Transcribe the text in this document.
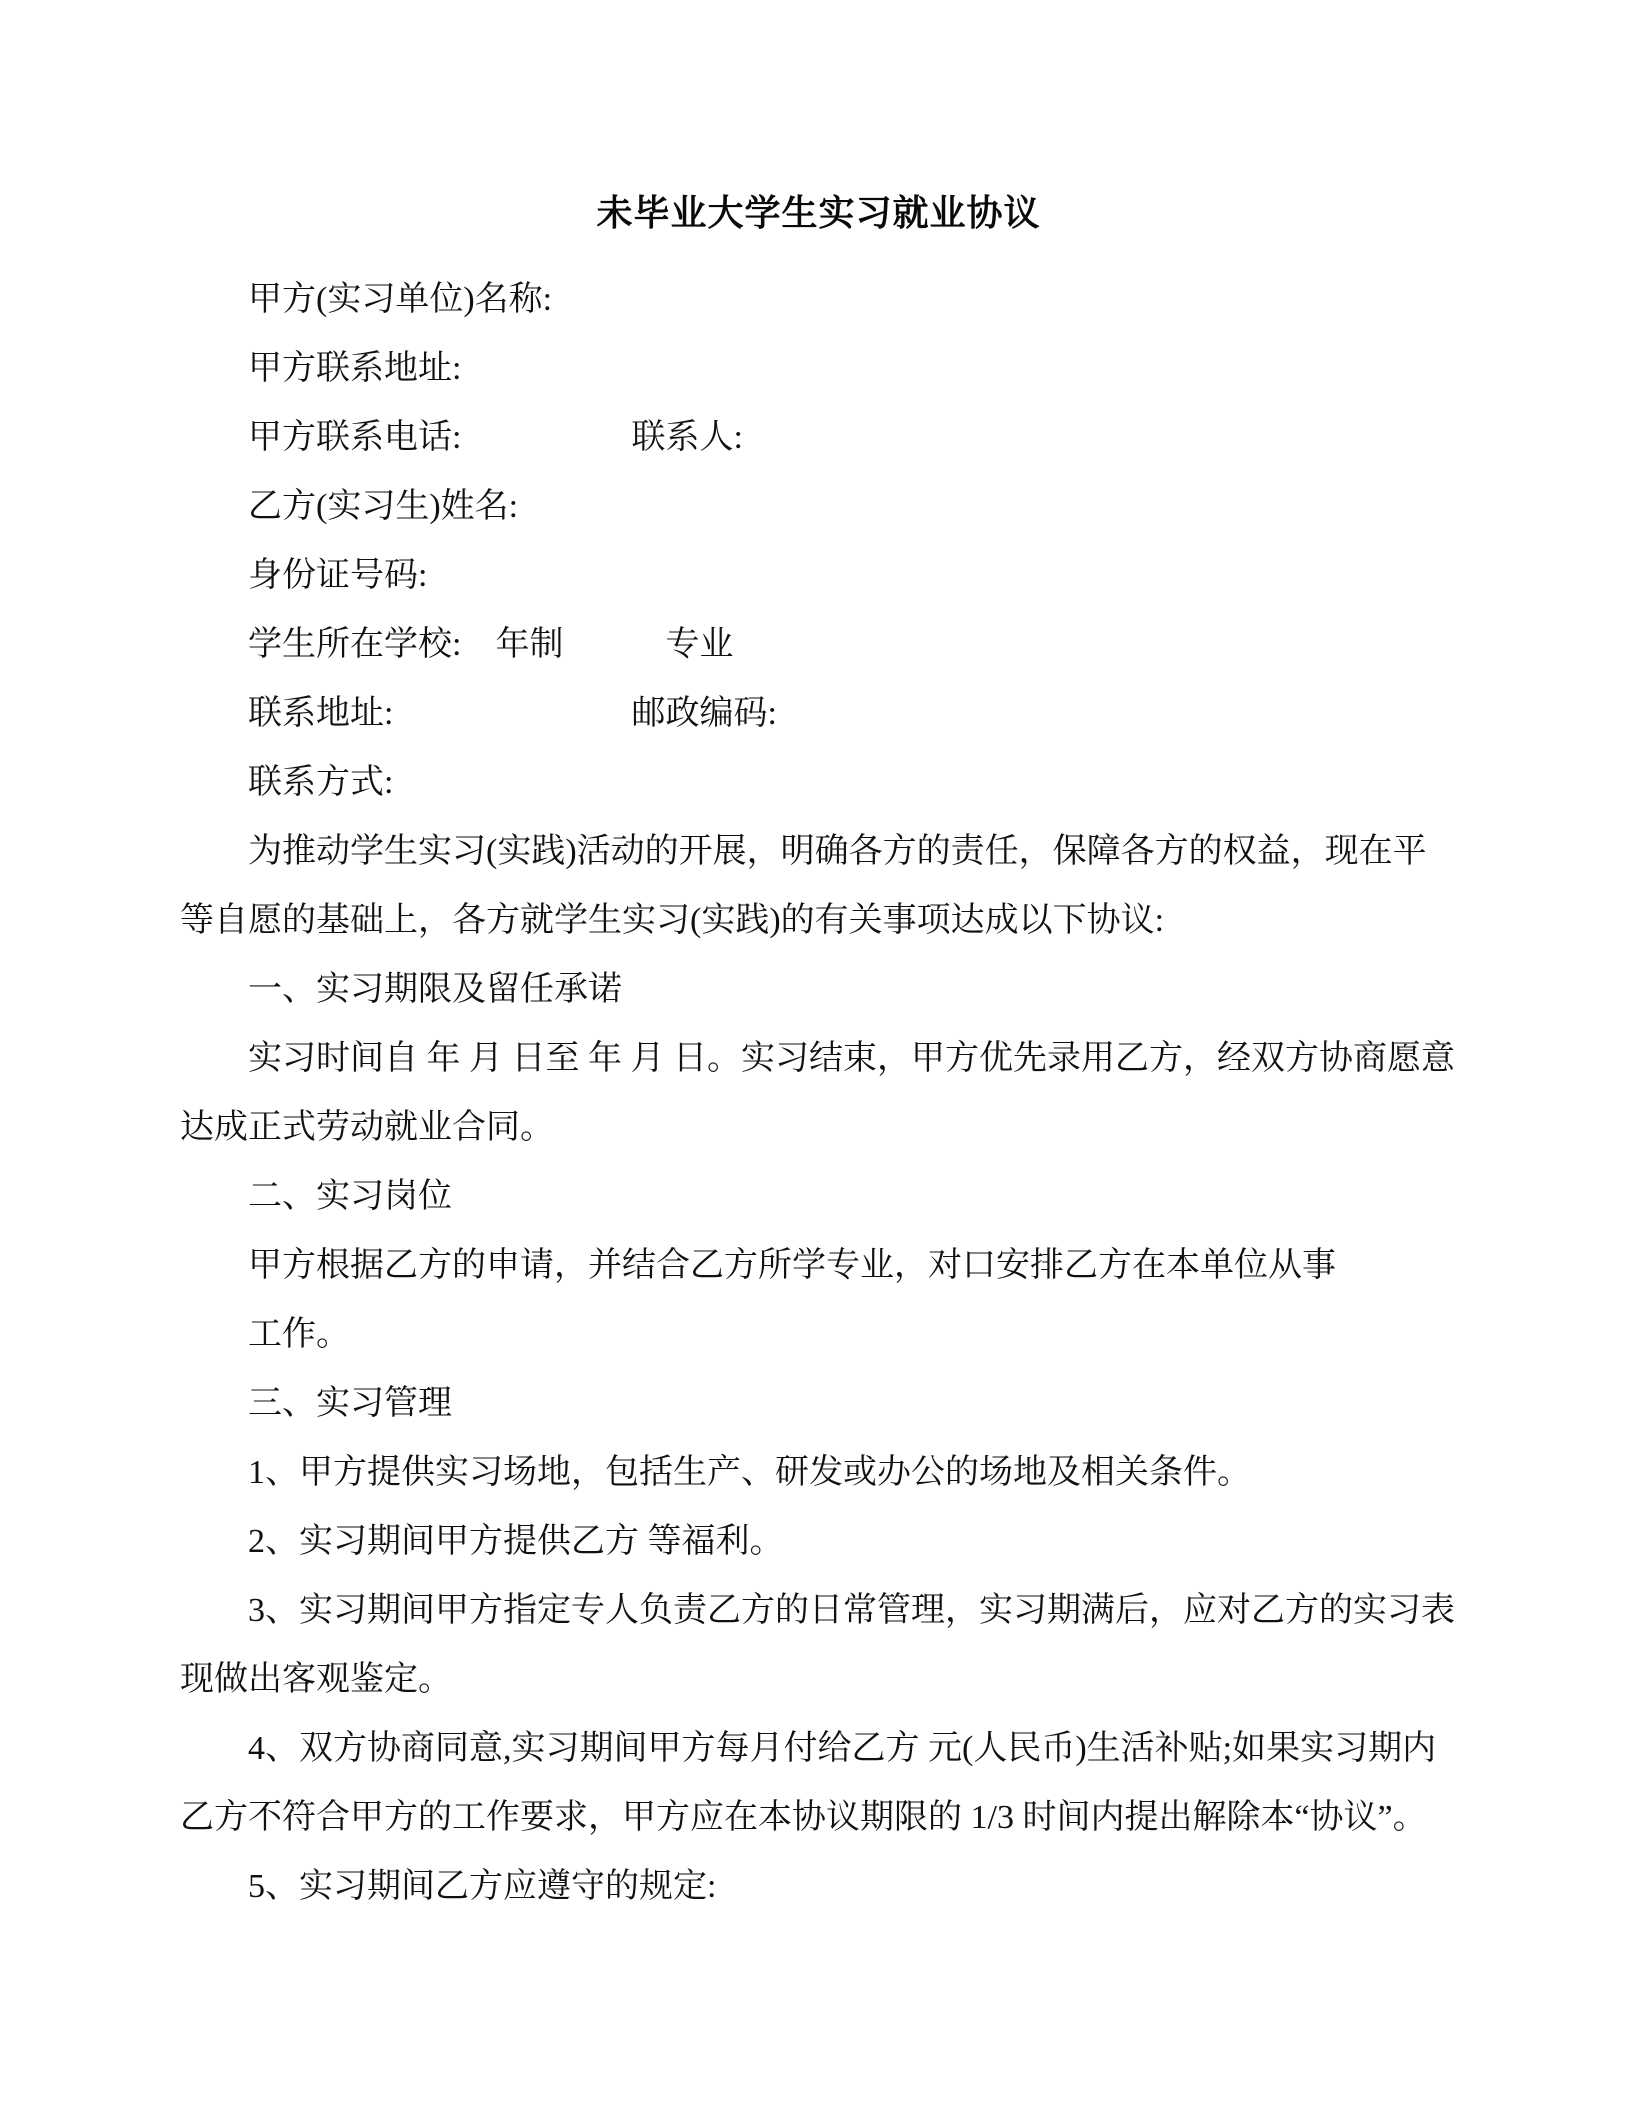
未毕业大学生实习就业协议

甲方(实习单位)名称:

甲方联系地址:

甲方联系电话:　　　　　联系人:

乙方(实习生)姓名:

身份证号码:

学生所在学校:　年制　　　专业

联系地址:　　　　　　　邮政编码:

联系方式:

为推动学生实习(实践)活动的开展，明确各方的责任，保障各方的权益，现在平等自愿的基础上，各方就学生实习(实践)的有关事项达成以下协议:

一、实习期限及留任承诺

实习时间自 年 月 日至 年 月 日。实习结束，甲方优先录用乙方，经双方协商愿意达成正式劳动就业合同。

二、实习岗位

甲方根据乙方的申请，并结合乙方所学专业，对口安排乙方在本单位从事

工作。

三、实习管理

1、甲方提供实习场地，包括生产、研发或办公的场地及相关条件。

2、实习期间甲方提供乙方 等福利。

3、实习期间甲方指定专人负责乙方的日常管理，实习期满后，应对乙方的实习表现做出客观鉴定。

4、双方协商同意,实习期间甲方每月付给乙方 元(人民币)生活补贴;如果实习期内乙方不符合甲方的工作要求，甲方应在本协议期限的 1/3 时间内提出解除本“协议”。

5、实习期间乙方应遵守的规定:
